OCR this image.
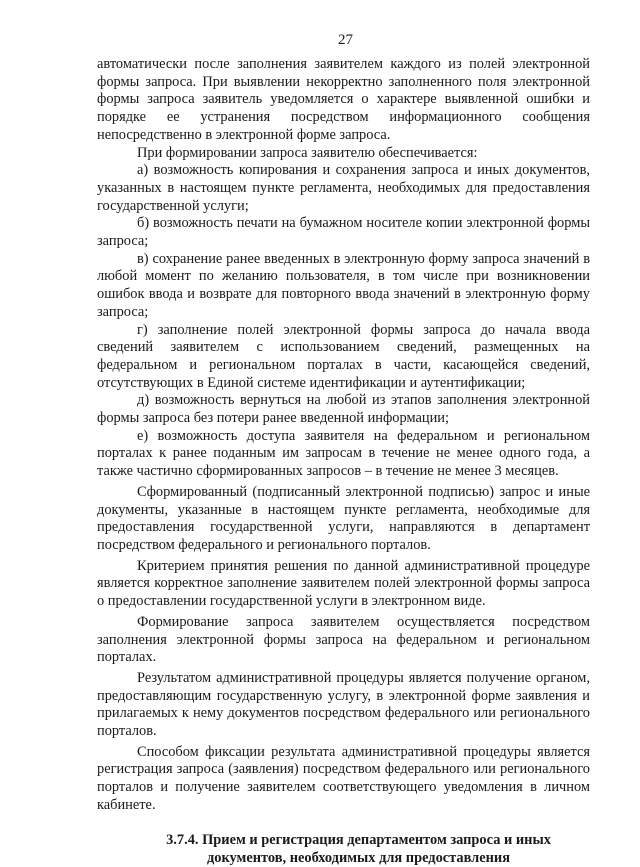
27

автоматически после заполнения заявителем каждого из полей электронной формы запроса. При выявлении некорректно заполненного поля электронной формы запроса заявитель уведомляется о характере выявленной ошибки и порядке ее устранения посредством информационного сообщения непосредственно в электронной форме запроса.

При формировании запроса заявителю обеспечивается:

а) возможность копирования и сохранения запроса и иных документов, указанных в настоящем пункте регламента, необходимых для предоставления государственной услуги;

б) возможность печати на бумажном носителе копии электронной формы запроса;

в) сохранение ранее введенных в электронную форму запроса значений в любой момент по желанию пользователя, в том числе при возникновении ошибок ввода и возврате для повторного ввода значений в электронную форму запроса;

г) заполнение полей электронной формы запроса до начала ввода сведений заявителем с использованием сведений, размещенных на федеральном и региональном порталах в части, касающейся сведений, отсутствующих в Единой системе идентификации и аутентификации;

д) возможность вернуться на любой из этапов заполнения электронной формы запроса без потери ранее введенной информации;

е) возможность доступа заявителя на федеральном и региональном порталах к ранее поданным им запросам в течение не менее одного года, а также частично сформированных запросов – в течение не менее 3 месяцев.

Сформированный (подписанный электронной подписью) запрос и иные документы, указанные в настоящем пункте регламента, необходимые для предоставления государственной услуги, направляются в департамент посредством федерального и регионального порталов.

Критерием принятия решения по данной административной процедуре является корректное заполнение заявителем полей электронной формы запроса о предоставлении государственной услуги в электронном виде.

Формирование запроса заявителем осуществляется посредством заполнения электронной формы запроса на федеральном и региональном порталах.

Результатом административной процедуры является получение органом, предоставляющим государственную услугу, в электронной форме заявления и прилагаемых к нему документов посредством федерального или регионального порталов.

Способом фиксации результата административной процедуры является регистрация запроса (заявления) посредством федерального или регионального порталов и получение заявителем соответствующего уведомления в личном кабинете.

3.7.4. Прием и регистрация департаментом запроса и иных
документов, необходимых для предоставления
